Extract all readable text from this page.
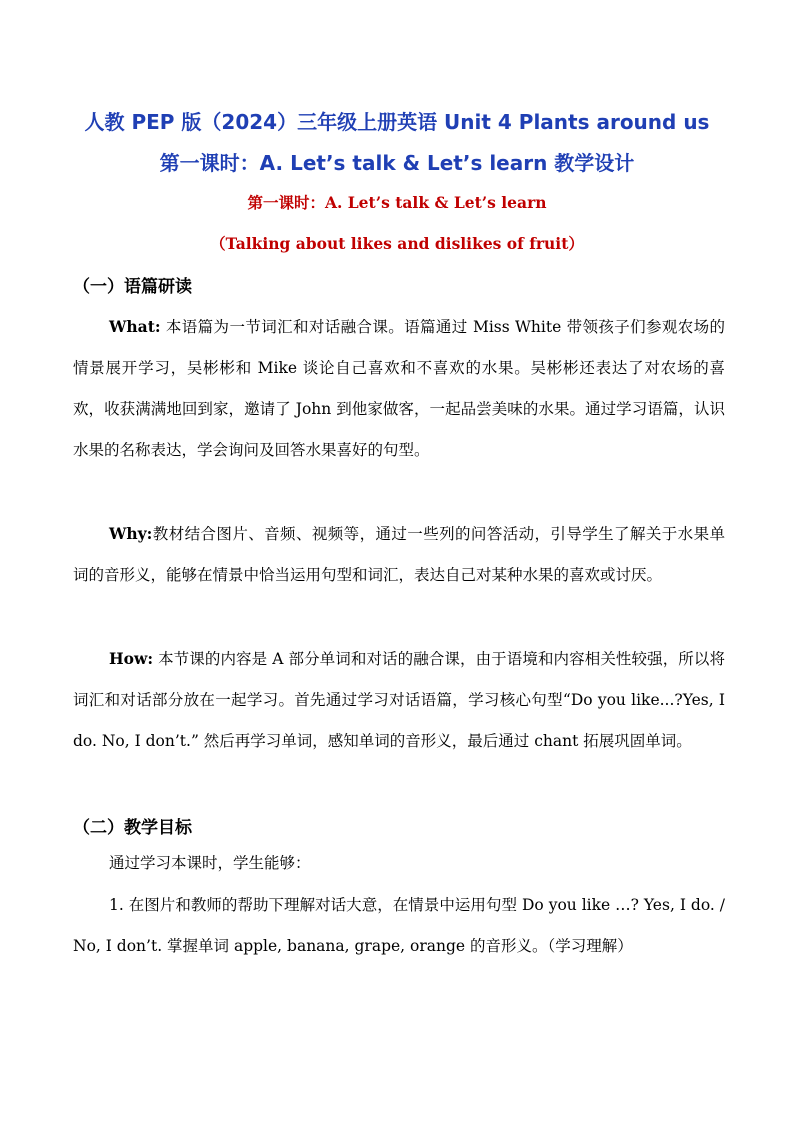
人教 PEP 版（2024）三年级上册英语 Unit 4 Plants around us
第一课时：A. Let’s talk & Let’s learn 教学设计
第一课时：A. Let’s talk & Let’s learn
（Talking about likes and dislikes of fruit）
（一）语篇研读

What: 本语篇为一节词汇和对话融合课。语篇通过 Miss White 带领孩子们参观农场的情景展开学习，吴彬彬和 Mike 谈论自己喜欢和不喜欢的水果。吴彬彬还表达了对农场的喜欢，收获满满地回到家，邀请了 John 到他家做客，一起品尝美味的水果。通过学习语篇，认识水果的名称表达，学会询问及回答水果喜好的句型。

Why:教材结合图片、音频、视频等，通过一些列的问答活动，引导学生了解关于水果单词的音形义，能够在情景中恰当运用句型和词汇，表达自己对某种水果的喜欢或讨厌。

How: 本节课的内容是 A 部分单词和对话的融合课，由于语境和内容相关性较强，所以将词汇和对话部分放在一起学习。首先通过学习对话语篇，学习核心句型“Do you like...?Yes, I do. No, I don’t.” 然后再学习单词，感知单词的音形义，最后通过 chant 拓展巩固单词。

（二）教学目标

通过学习本课时，学生能够：

1. 在图片和教师的帮助下理解对话大意，在情景中运用句型 Do you like …? Yes, I do. / No, I don’t. 掌握单词 apple, banana, grape, orange 的音形义。（学习理解）
